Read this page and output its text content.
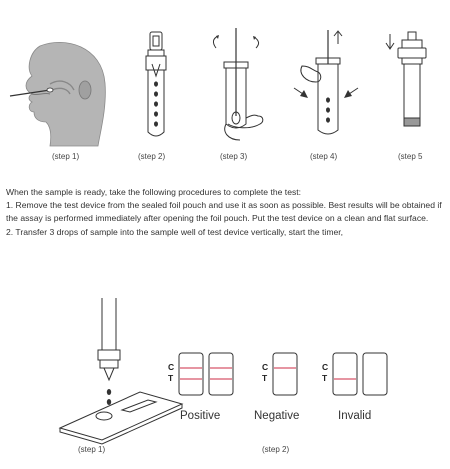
(step 1)	(step 2)	(step 3)	(step 4)	(step 5

When the sample is ready, take the following procedures to complete the test:

1. Remove the test device from the sealed foil pouch and use it as soon as possible. Best results will be obtained if the assay is performed immediately after opening the foil pouch. Put the test device on a clean and flat surface.

2. Transfer 3 drops of sample into the sample well of test device vertically, start the timer,

(step 1)
C
T
C
T
C
T
Positive	Negative	Invalid
(step 2)
